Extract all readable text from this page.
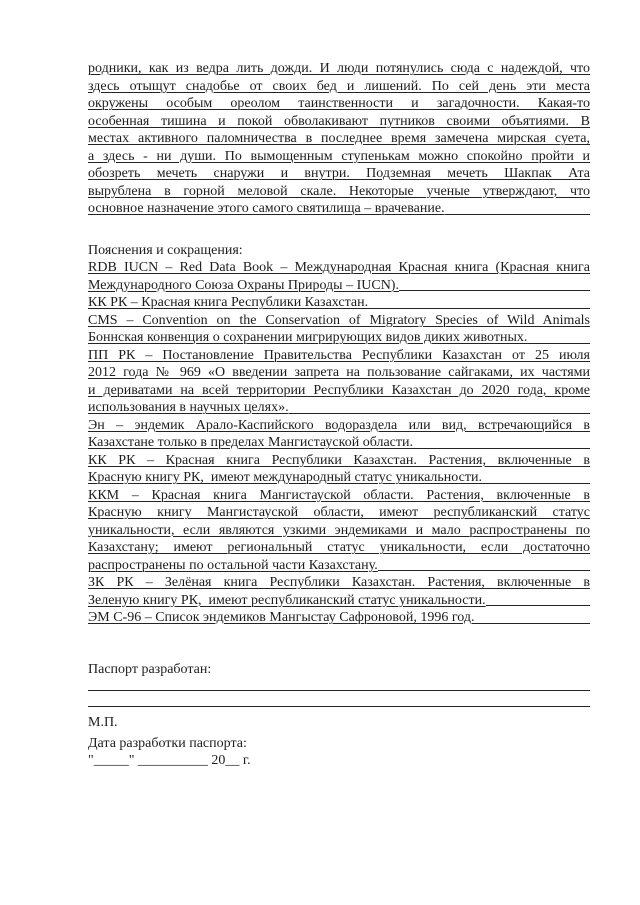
родники, как из ведра лить дожди. И люди потянулись сюда с надеждой, что
здесь отыщут снадобье от своих бед и лишений. По сей день эти места
окружены особым ореолом таинственности и загадочности. Какая-то
особенная тишина и покой обволакивают путников своими объятиями. В
местах активного паломничества в последнее время замечена мирская суета,
а здесь - ни души. По вымощенным ступенькам можно спокойно пройти и
обозреть мечеть снаружи и внутри. Подземная мечеть Шакпак Ата
вырублена в горной меловой скале. Некоторые ученые утверждают, что
основное назначение этого самого святилища – врачевание.
Пояснения и сокращения:
RDB IUCN – Red Data Book – Международная Красная книга (Красная книга
Международного Союза Охраны Природы – IUCN).
КК РК – Красная книга Республики Казахстан.
CMS – Convention on the Conservation of Migratory Species of Wild Animals
Боннская конвенция о сохранении мигрирующих видов диких животных.
ПП РК – Постановление Правительства Республики Казахстан от 25 июля
2012 года № 969 «О введении запрета на пользование сайгаками, их частями
и дериватами на всей территории Республики Казахстан до 2020 года, кроме
использования в научных целях».
Эн – эндемик Арало-Каспийского водораздела или вид, встречающийся в
Казахстане только в пределах Мангистауской области.
КК РК – Красная книга Республики Казахстан. Растения, включенные в
Красную книгу РК,  имеют международный статус уникальности.
ККМ – Красная книга Мангистауской области. Растения, включенные в
Красную книгу Мангистауской области, имеют республиканский статус
уникальности, если являются узкими эндемиками и мало распространены по
Казахстану; имеют региональный статус уникальности, если достаточно
распространены по остальной части Казахстану.
ЗК РК – Зелёная книга Республики Казахстан. Растения, включенные в
Зеленую книгу РК,  имеют республиканский статус уникальности.
ЭМ С-96 – Список эндемиков Мангыстау Сафроновой, 1996 год.
Паспорт разработан:
М.П.
Дата разработки паспорта:
"_____" __________ 20__ г.
